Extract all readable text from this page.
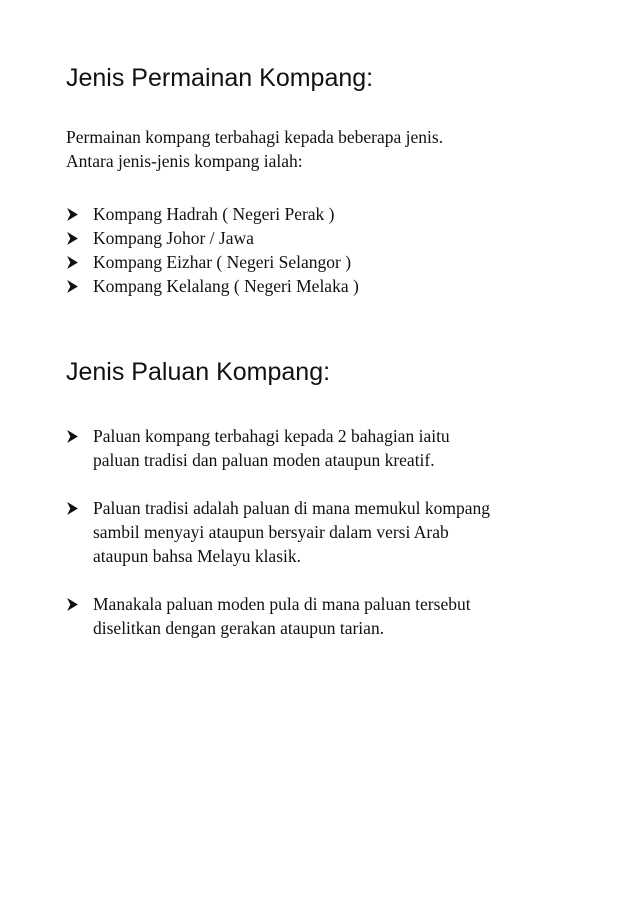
Jenis Permainan Kompang:

Permainan kompang terbahagi kepada beberapa jenis.
Antara jenis-jenis kompang ialah:

Kompang Hadrah ( Negeri Perak )
Kompang Johor / Jawa
Kompang Eizhar ( Negeri Selangor )
Kompang Kelalang ( Negeri Melaka )
Jenis Paluan Kompang:
Paluan kompang terbahagi kepada 2 bahagian iaitu
paluan tradisi dan paluan moden ataupun kreatif.
Paluan tradisi adalah paluan di mana memukul kompang
sambil menyayi ataupun bersyair dalam versi Arab
ataupun bahsa Melayu klasik.
Manakala paluan moden pula di mana paluan tersebut
diselitkan dengan gerakan ataupun tarian.
